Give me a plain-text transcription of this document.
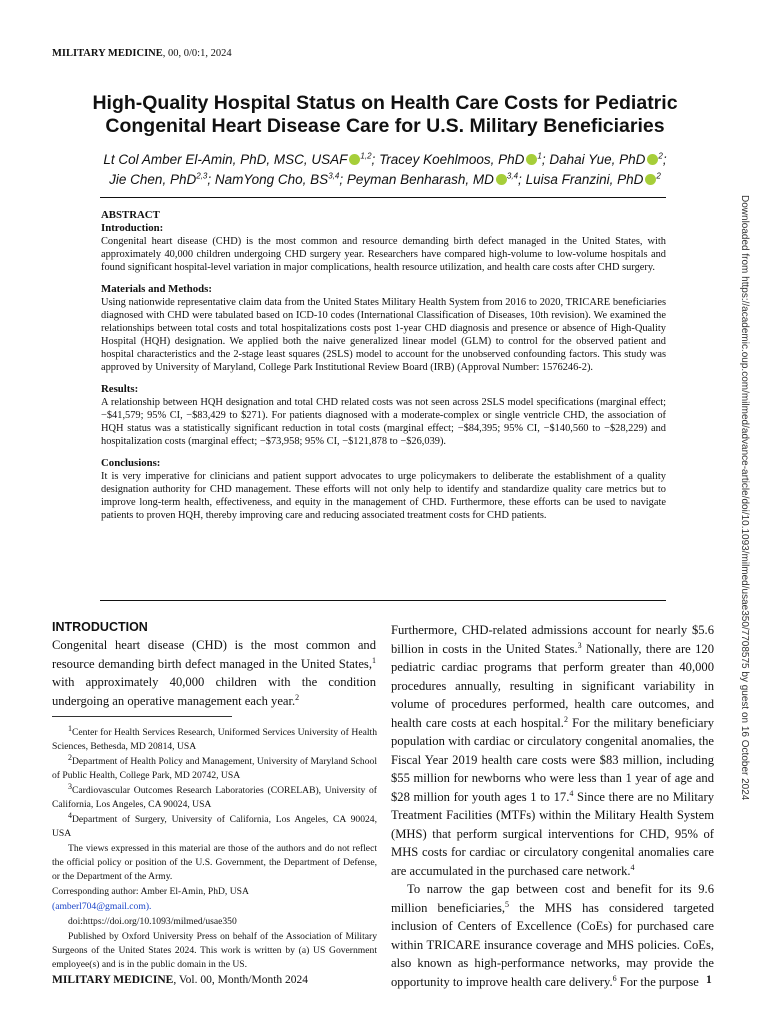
MILITARY MEDICINE, 00, 0/0:1, 2024
High-Quality Hospital Status on Health Care Costs for Pediatric
Congenital Heart Disease Care for U.S. Military Beneficiaries
Lt Col Amber El-Amin, PhD, MSC, USAF $^{1,2}$; Tracey Koehlmoos, PhD $^1$; Dahai Yue, PhD $^2$;
Jie Chen, PhD$^{2,3}$; NamYong Cho, BS$^{3,4}$; Peyman Benharash, MD $^{3,4}$; Luisa Franzini, PhD $^2$

ABSTRACT

Introduction:

Congenital heart disease (CHD) is the most common and resource demanding birth defect managed in the United States, with approximately 40,000 children undergoing CHD surgery year. Researchers have compared high-volume to low-volume hospitals and found significant hospital-level variation in major complications, health resource utilization, and health care costs after CHD surgery.

Materials and Methods:

Using nationwide representative claim data from the United States Military Health System from 2016 to 2020, TRICARE beneficiaries diagnosed with CHD were tabulated based on ICD-10 codes (International Classification of Diseases, 10th revision). We examined the relationships between total costs and total hospitalizations costs post 1-year CHD diagnosis and presence or absence of High-Quality Hospital (HQH) designation. We applied both the naive generalized linear model (GLM) to control for the observed patient and hospital characteristics and the 2-stage least squares (2SLS) model to account for the unobserved confounding factors. This study was approved by University of Maryland, College Park Institutional Review Board (IRB) (Approval Number: 1576246-2).

Results:

A relationship between HQH designation and total CHD related costs was not seen across 2SLS model specifications (marginal effect; −$41,579; 95% CI, −$83,429 to $271). For patients diagnosed with a moderate-complex or single ventricle CHD, the association of HQH status was a statistically significant reduction in total costs (marginal effect; −$84,395; 95% CI, −$140,560 to −$28,229) and hospitalization costs (marginal effect; −$73,958; 95% CI, −$121,878 to −$26,039).

Conclusions:

It is very imperative for clinicians and patient support advocates to urge policymakers to deliberate the establishment of a quality designation authority for CHD management. These efforts will not only help to identify and standardize quality care metrics but to improve long-term health, effectiveness, and equity in the management of CHD. Furthermore, these efforts can be used to navigate patients to proven HQH, thereby improving care and reducing associated treatment costs for CHD patients.

INTRODUCTION

Congenital heart disease (CHD) is the most common and resource demanding birth defect managed in the United States,$^1$ with approximately 40,000 children with the condition undergoing an operative management each year.$^2$

$^1$Center for Health Services Research, Uniformed Services University of Health Sciences, Bethesda, MD 20814, USA

$^2$Department of Health Policy and Management, University of Maryland School of Public Health, College Park, MD 20742, USA

$^3$Cardiovascular Outcomes Research Laboratories (CORELAB), University of California, Los Angeles, CA 90024, USA

$^4$Department of Surgery, University of California, Los Angeles, CA 90024, USA

The views expressed in this material are those of the authors and do not reflect the official policy or position of the U.S. Government, the Department of Defense, or the Department of the Army.

Corresponding author: Amber El-Amin, PhD, USA

(amberl704@gmail.com).

doi:https://doi.org/10.1093/milmed/usae350

Published by Oxford University Press on behalf of the Association of Military Surgeons of the United States 2024. This work is written by (a) US Government employee(s) and is in the public domain in the US.

Furthermore, CHD-related admissions account for nearly $5.6 billion in costs in the United States.$^3$ Nationally, there are 120 pediatric cardiac programs that perform greater than 40,000 procedures annually, resulting in significant variability in volume of procedures performed, health care outcomes, and health care costs at each hospital.$^2$ For the military beneficiary population with cardiac or circulatory congenital anomalies, the Fiscal Year 2019 health care costs were $83 million, including $55 million for newborns who were less than 1 year of age and $28 million for youth ages 1 to 17.$^4$ Since there are no Military Treatment Facilities (MTFs) within the Military Health System (MHS) that perform surgical interventions for CHD, 95% of MHS costs for cardiac or circulatory congenital anomalies care are accumulated in the purchased care network.$^4$

To narrow the gap between cost and benefit for its 9.6 million beneficiaries,$^5$ the MHS has considered targeted inclusion of Centers of Excellence (CoEs) for purchased care within TRICARE insurance coverage and MHS policies. CoEs, also known as high-performance networks, may provide the opportunity to improve health care delivery.$^6$ For the purpose

MILITARY MEDICINE, Vol. 00, Month/Month 2024	1
Downloaded from https://academic.oup.com/milmed/advance-article/doi/10.1093/milmed/usae350/7708575 by guest on 16 October 2024
